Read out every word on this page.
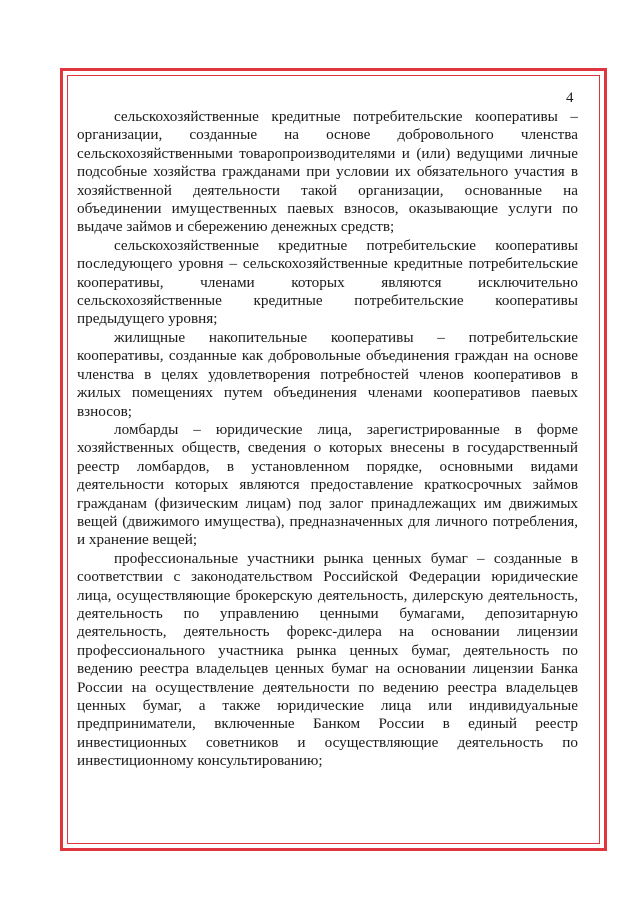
4

сельскохозяйственные кредитные потребительские кооперативы – организации, созданные на основе добровольного членства сельскохозяйственными товаропроизводителями и (или) ведущими личные подсобные хозяйства гражданами при условии их обязательного участия в хозяйственной деятельности такой организации, основанные на объединении имущественных паевых взносов, оказывающие услуги по выдаче займов и сбережению денежных средств;

сельскохозяйственные кредитные потребительские кооперативы последующего уровня – сельскохозяйственные кредитные потребительские кооперативы, членами которых являются исключительно сельскохозяйственные кредитные потребительские кооперативы предыдущего уровня;

жилищные накопительные кооперативы – потребительские кооперативы, созданные как добровольные объединения граждан на основе членства в целях удовлетворения потребностей членов кооперативов в жилых помещениях путем объединения членами кооперативов паевых взносов;

ломбарды – юридические лица, зарегистрированные в форме хозяйственных обществ, сведения о которых внесены в государственный реестр ломбардов, в установленном порядке, основными видами деятельности которых являются предоставление краткосрочных займов гражданам (физическим лицам) под залог принадлежащих им движимых вещей (движимого имущества), предназначенных для личного потребления, и хранение вещей;

профессиональные участники рынка ценных бумаг – созданные в соответствии с законодательством Российской Федерации юридические лица, осуществляющие брокерскую деятельность, дилерскую деятельность, деятельность по управлению ценными бумагами, депозитарную деятельность, деятельность форекс-дилера на основании лицензии профессионального участника рынка ценных бумаг, деятельность по ведению реестра владельцев ценных бумаг на основании лицензии Банка России на осуществление деятельности по ведению реестра владельцев ценных бумаг, а также юридические лица или индивидуальные предприниматели, включенные Банком России в единый реестр инвестиционных советников и осуществляющие деятельность по инвестиционному консультированию;
